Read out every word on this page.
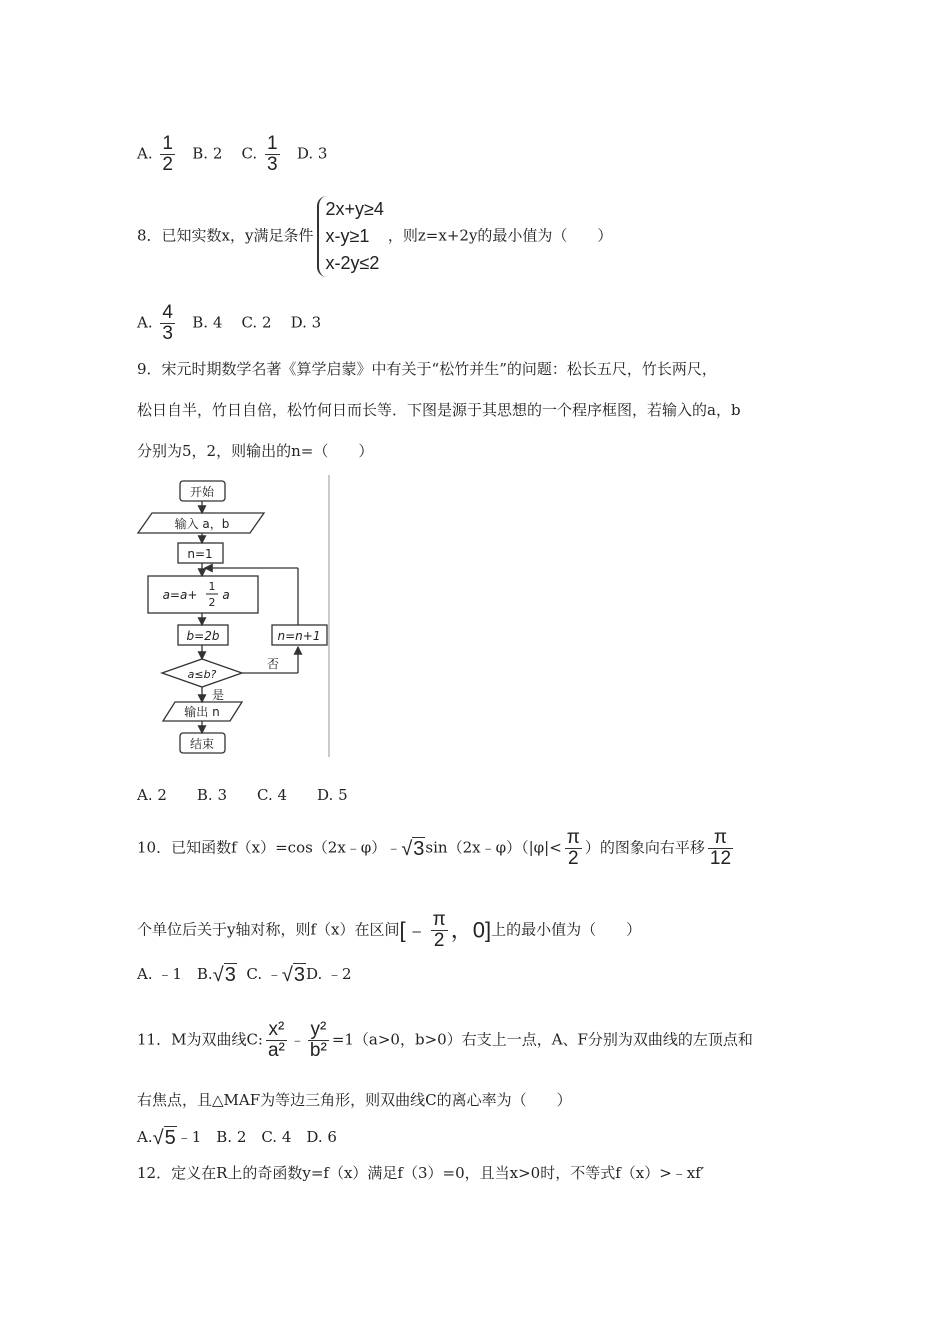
A. $\frac{1}{2} B$. 2 C. $\frac{1}{3} D$. 3
8．已知实数x，y满足条件
2x+y≥4
x-y≥1
x-2y≤2
，则z=x+2y的最小值为（　　）
A. $\frac{4}{3} B$. 4 C. 2 D. 3
9．宋元时期数学名著《算学启蒙》中有关于“松竹并生”的问题：松长五尺，竹长两尺，
松日自半，竹日自倍，松竹何日而长等．下图是源于其思想的一个程序框图，若输入的a，b
分别为5，2，则输出的n=（　　）
开始
输入 a，b
n=1
a=a+
1
2
a
b=2b
a≤b?
否
是
n=n+1
输出 n
结束
A. 2　　B. 3　　C. 4　　D. 5
10．已知函数f（x）=cos（2x﹣φ）﹣√3sin（2x﹣φ）（|φ|< $\frac{\pi}{2}$ ）的图象向右平移 $\frac{\pi}{12}$
个单位后关于y轴对称，则f（x）在区间[﹣ $\frac{\pi}{2}$ ，0]上的最小值为（　　）
A. ﹣1　B.√3 C. ﹣√3D. ﹣2
11．M为双曲线C: $\frac{\text{x²}}{\text{a²}}$ ﹣ $\frac{\text{y²}}{\text{b²}} =1(a>0$，b>0）右支上一点，A、F分别为双曲线的左顶点和
右焦点，且△MAF为等边三角形，则双曲线C的离心率为（　　）
A.√5﹣1　B. 2　C. 4　D. 6
12．定义在R上的奇函数y=f（x）满足f（3）=0，且当x>0时，不等式f（x）>﹣xf′
